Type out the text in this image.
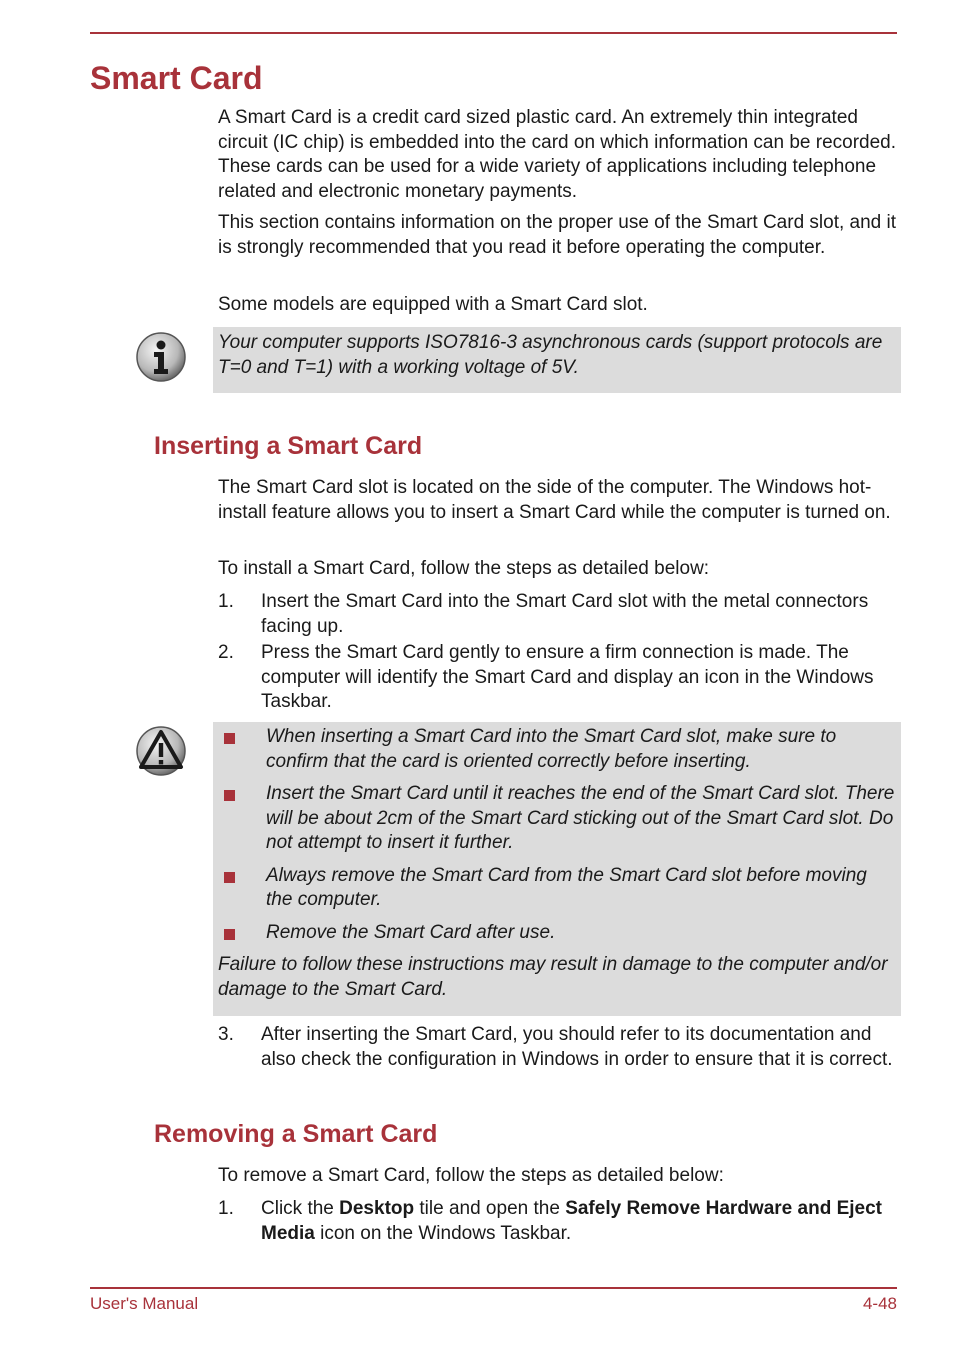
Smart Card

A Smart Card is a credit card sized plastic card. An extremely thin integrated circuit (IC chip) is embedded into the card on which information can be recorded. These cards can be used for a wide variety of applications including telephone related and electronic monetary payments.

This section contains information on the proper use of the Smart Card slot, and it is strongly recommended that you read it before operating the computer.

Some models are equipped with a Smart Card slot.

Your computer supports ISO7816-3 asynchronous cards (support protocols are T=0 and T=1) with a working voltage of 5V.

Inserting a Smart Card

The Smart Card slot is located on the side of the computer. The Windows hot-install feature allows you to insert a Smart Card while the computer is turned on.

To install a Smart Card, follow the steps as detailed below:

1. Insert the Smart Card into the Smart Card slot with the metal connectors facing up.
2. Press the Smart Card gently to ensure a firm connection is made. The computer will identify the Smart Card and display an icon in the Windows Taskbar.
When inserting a Smart Card into the Smart Card slot, make sure to confirm that the card is oriented correctly before inserting.
Insert the Smart Card until it reaches the end of the Smart Card slot. There will be about 2cm of the Smart Card sticking out of the Smart Card slot. Do not attempt to insert it further.
Always remove the Smart Card from the Smart Card slot before moving the computer.
Remove the Smart Card after use.

Failure to follow these instructions may result in damage to the computer and/or damage to the Smart Card.

3. After inserting the Smart Card, you should refer to its documentation and also check the configuration in Windows in order to ensure that it is correct.
Removing a Smart Card

To remove a Smart Card, follow the steps as detailed below:

1. Click the Desktop tile and open the Safely Remove Hardware and Eject Media icon on the Windows Taskbar.
User's Manual	4-48
